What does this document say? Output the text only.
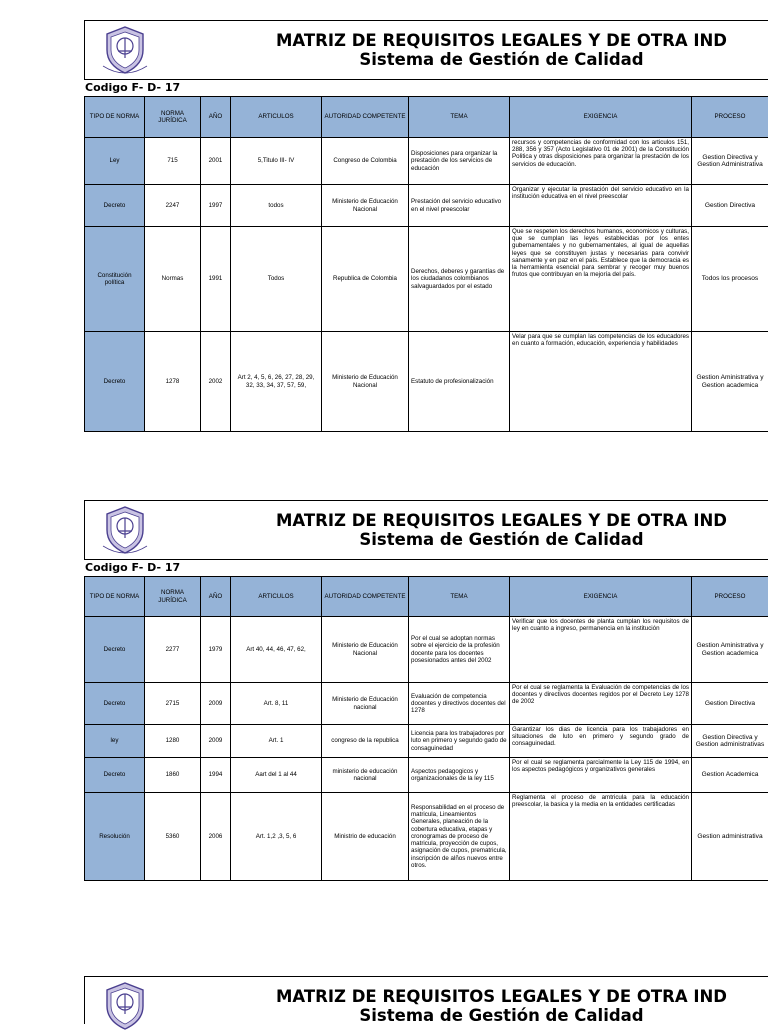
MATRIZ DE REQUISITOS LEGALES Y DE OTRA IND
Sistema de Gestión de Calidad
Codigo F- D- 17
TIPO DE NORMA	NORMA JURÍDICA	AÑO	ARTICULOS	AUTORIDAD COMPETENTE	TEMA	EXIGENCIA	PROCESO
Ley	715	2001	5,Titulo III- IV	Congreso de Colombia	Disposiciones para organizar la prestación de los servicios de educación	recursos y competencias de conformidad con los articulos 151, 288, 356 y 357 (Acto Legislativo 01 de 2001) de la Constitución Politica y otras disposiciones para organizar la prestación de los servicios de educación.	Gestion Directiva y Gestion Administrativa
Decreto	2247	1997	todos	Ministerio de Educación Nacional	Prestación del servicio educativo en el nivel preescolar	Organizar y ejecutar la prestación del servicio educativo en la institución educativa en el nivel preescolar	Gestion Directiva
Constitución política	Normas	1991	Todos	Republica de Colombia	Derechos, deberes y garantías de los ciudadanos colombianos salvaguardados por el estado	Que se respeten los derechos humanos, economicos y culturas, que se cumplan las leyes establecidas por los entes gubernamentales y no gubernamentales, al igual de aquellas leyes que se constituyen justas y necesarias para convivir sanamente y en paz en el país. Establece que la democracia es la herramienta esencial para sembrar y recoger muy buenos frutos que contribuyan en la mejoría del país.	Todos los procesos
Decreto	1278	2002	Art 2, 4, 5, 6, 26, 27, 28, 29, 32, 33, 34, 37, 57, 59,	Ministerio de Educación Nacional	Estatuto de profesionalización	Velar para que se cumplan las competencias de los educadores en cuanto a formación, educación, experiencia y habilidades	Gestion Aministrativa y Gestion academica
MATRIZ DE REQUISITOS LEGALES Y DE OTRA IND
Sistema de Gestión de Calidad
Codigo F- D- 17
TIPO DE NORMA	NORMA JURÍDICA	AÑO	ARTICULOS	AUTORIDAD COMPETENTE	TEMA	EXIGENCIA	PROCESO
Decreto	2277	1979	Art 40, 44, 46, 47, 62,	Ministerio de Educación Nacional	Por el cual se adoptan normas sobre el ejercicio de la profesión docente para los docentes posesionados antes del 2002	Verificar que los docentes de planta cumplan los requisitos de ley en cuanto a ingreso, permanencia en la institución	Gestion Aministrativa y Gestion academica
Decreto	2715	2009	Art. 8, 11	Ministerio de Educación nacional	Evaluación de competencia docentes y directivos docentes del 1278	Por el cual se reglamenta la Evaluación de competencias de los docentes y directivos docentes regidos por el Decreto Ley 1278 de 2002	Gestion Directiva
ley	1280	2009	Art. 1	congreso de la republica	Licencia para los trabajadores por luto en primero y segundo gado de consaguinedad	Garantizar los dias de licencia para los trabajadores en situaciones de luto en primero y segundo grado de consaguinedad.	Gestion Directiva y Gestion administrativas
Decreto	1860	1994	Aart del 1 al 44	ministerio de educación nacional	Aspectos pedagogicos y organizacionales de la ley 115	Por el cual se reglamenta parcialmente la Ley 115 de 1994, en los aspectos pedagógicos y organizativos generales	Gestion Academica
Resolución	5360	2006	Art. 1,2 ,3, 5, 6	Ministrio de educación	Responsabilidad en el proceso de matricula, Lineamientos Generales, planeación de la cobertura educativa, etapas y cronogramas de proceso de matricula, proyección de cupos, asignación de cupos, prematricula, inscripción de alños nuevos entre otros.	Reglamenta el proceso de amtricula para la educación preescolar, la basica y la media en la entidades certificadas	Gestion administrativa
MATRIZ DE REQUISITOS LEGALES Y DE OTRA IND
Sistema de Gestión de Calidad
